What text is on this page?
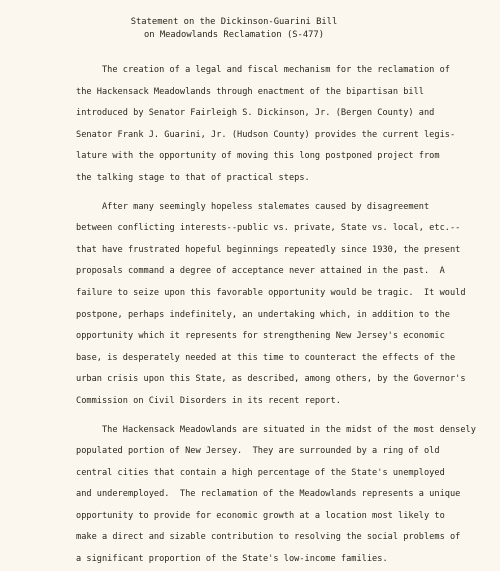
Statement on the Dickinson-Guarini Bill
on Meadowlands Reclamation (S-477)
The creation of a legal and fiscal mechanism for the reclamation of
the Hackensack Meadowlands through enactment of the bipartisan bill
introduced by Senator Fairleigh S. Dickinson, Jr. (Bergen County) and
Senator Frank J. Guarini, Jr. (Hudson County) provides the current legis-
lature with the opportunity of moving this long postponed project from
the talking stage to that of practical steps.
After many seemingly hopeless stalemates caused by disagreement
between conflicting interests--public vs. private, State vs. local, etc.--
that have frustrated hopeful beginnings repeatedly since 1930, the present
proposals command a degree of acceptance never attained in the past.  A
failure to seize upon this favorable opportunity would be tragic.  It would
postpone, perhaps indefinitely, an undertaking which, in addition to the
opportunity which it represents for strengthening New Jersey's economic
base, is desperately needed at this time to counteract the effects of the
urban crisis upon this State, as described, among others, by the Governor's
Commission on Civil Disorders in its recent report.
The Hackensack Meadowlands are situated in the midst of the most densely
populated portion of New Jersey.  They are surrounded by a ring of old
central cities that contain a high percentage of the State's unemployed
and underemployed.  The reclamation of the Meadowlands represents a unique
opportunity to provide for economic growth at a location most likely to
make a direct and sizable contribution to resolving the social problems of
a significant proportion of the State's low-income families.
